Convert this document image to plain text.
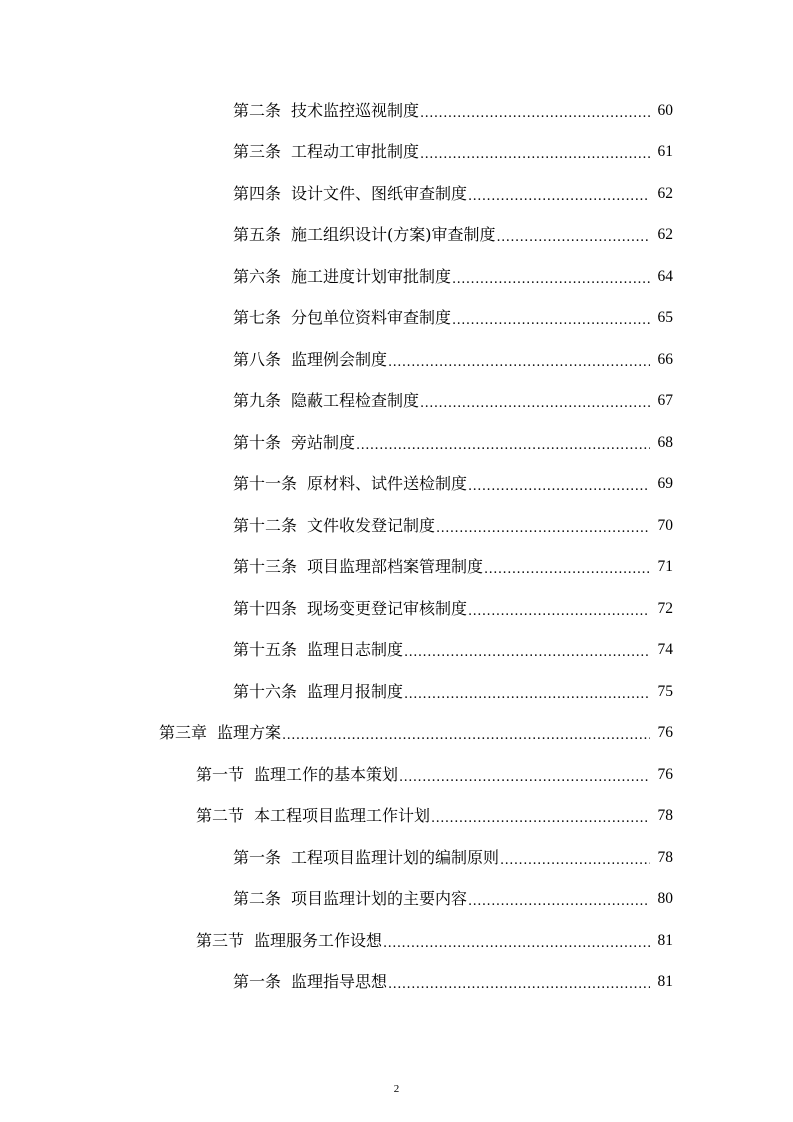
第二条 技术监控巡视制度 .....	60
第三条 工程动工审批制度 .....	61
第四条 设计文件、图纸审查制度 .....	62
第五条 施工组织设计(方案)审查制度 .....	62
第六条 施工进度计划审批制度 .....	64
第七条 分包单位资料审查制度 .....	65
第八条 监理例会制度 .....	66
第九条 隐蔽工程检查制度 .....	67
第十条 旁站制度 .....	68
第十一条 原材料、试件送检制度 .....	69
第十二条 文件收发登记制度 .....	70
第十三条 项目监理部档案管理制度 .....	71
第十四条 现场变更登记审核制度 .....	72
第十五条 监理日志制度 .....	74
第十六条 监理月报制度 .....	75
第三章 监理方案 .....	76
第一节 监理工作的基本策划 .....	76
第二节 本工程项目监理工作计划 .....	78
第一条 工程项目监理计划的编制原则 .....	78
第二条 项目监理计划的主要内容 .....	80
第三节 监理服务工作设想 .....	81
第一条 监理指导思想 .....	81
2
